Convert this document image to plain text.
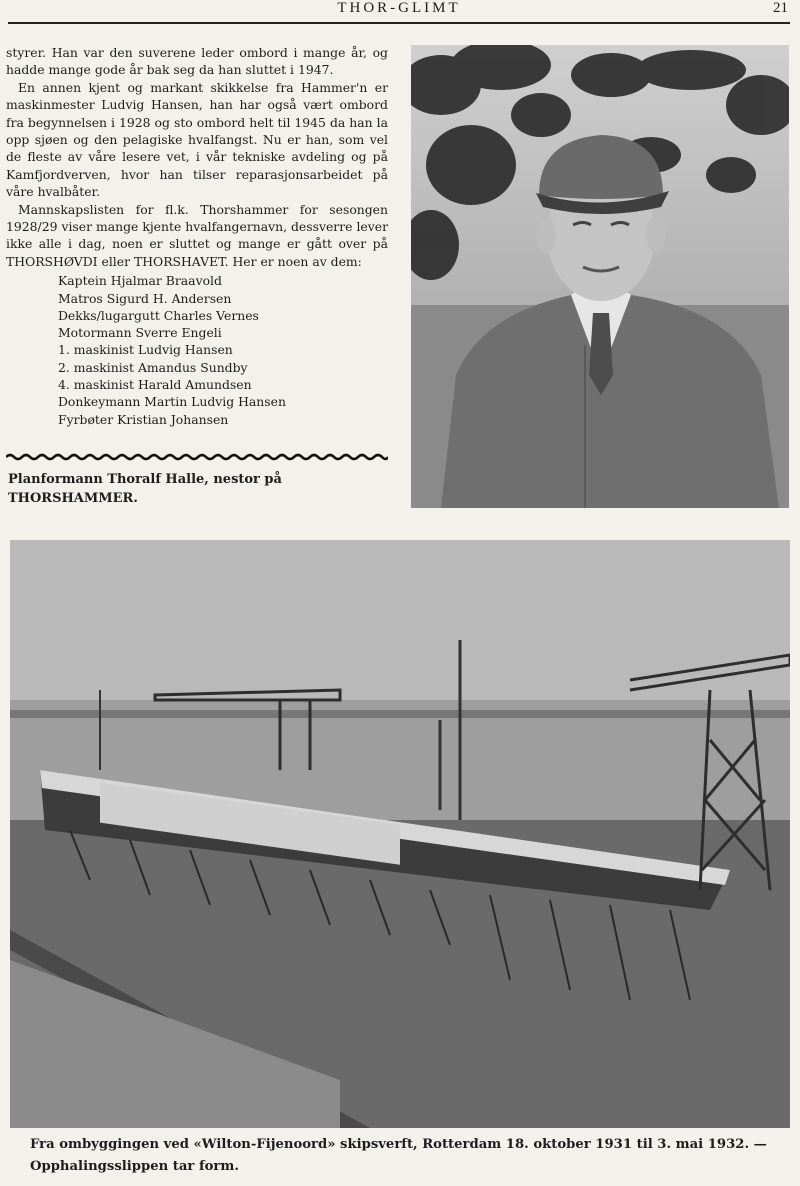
THOR-GLIMT	21

styrer. Han var den suverene leder ombord i mange år, og hadde mange gode år bak seg da han sluttet i 1947.

En annen kjent og markant skikkelse fra Hammer'n er maskinmester Ludvig Hansen, han har også vært ombord fra begynnelsen i 1928 og sto ombord helt til 1945 da han la opp sjøen og den pelagiske hvalfangst. Nu er han, som vel de fleste av våre lesere vet, i vår tekniske avdeling og på Kamfjordverven, hvor han tilser reparasjonsarbeidet på våre hvalbåter.

Mannskapslisten for fl.k. Thorshammer for sesongen 1928/29 viser mange kjente hvalfangernavn, dessverre lever ikke alle i dag, noen er sluttet og mange er gått over på THORSHØVDI eller THORSHAVET. Her er noen av dem:

Kaptein Hjalmar Braavold
Matros Sigurd H. Andersen
Dekks/lugargutt Charles Vernes
Motormann Sverre Engeli
1. maskinist Ludvig Hansen
2. maskinist Amandus Sundby
4. maskinist Harald Amundsen
Donkeymann Martin Ludvig Hansen
Fyrbøter Kristian Johansen
Planformann Thoralf Halle, nestor på THORSHAMMER.
Fra ombyggingen ved «Wilton-Fijenoord» skipsverft, Rotterdam 18. oktober 1931 til 3. mai 1932. — Opphalingsslippen tar form.
